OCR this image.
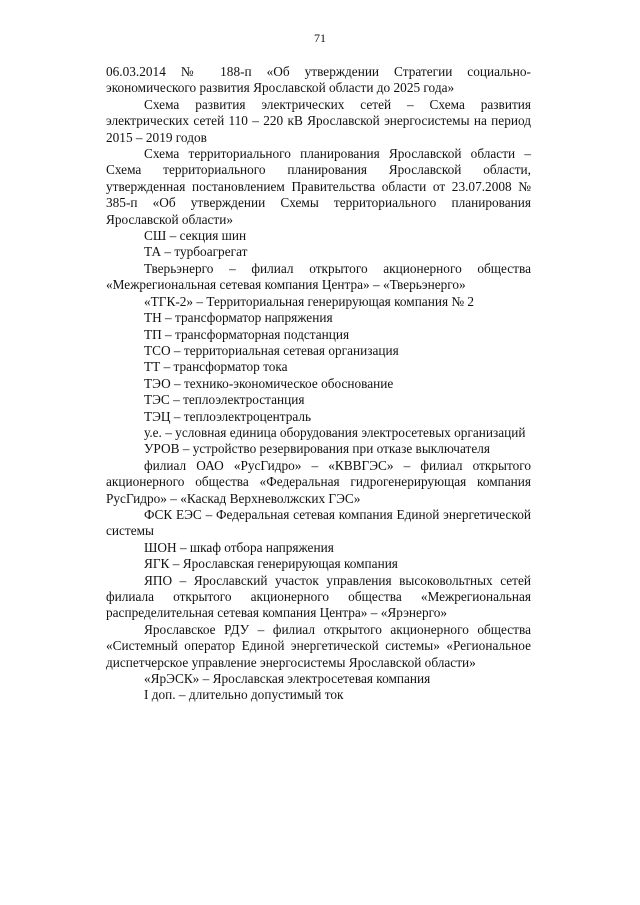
71

06.03.2014 № 188-п «Об утверждении Стратегии социально-экономического развития Ярославской области до 2025 года»

Схема развития электрических сетей – Схема развития электрических сетей 110 – 220 кВ Ярославской энергосистемы на период 2015 – 2019 годов

Схема территориального планирования Ярославской области – Схема территориального планирования Ярославской области, утвержденная постановлением Правительства области от 23.07.2008 № 385-п «Об утверждении Схемы территориального планирования Ярославской области»

СШ – секция шин

ТА – турбоагрегат

Тверьэнерго – филиал открытого акционерного общества «Межрегиональная сетевая компания Центра» – «Тверьэнерго»

«ТГК-2» – Территориальная генерирующая компания № 2

ТН – трансформатор напряжения

ТП – трансформаторная подстанция

ТСО – территориальная сетевая организация

ТТ – трансформатор тока

ТЭО – технико-экономическое обоснование

ТЭС – теплоэлектростанция

ТЭЦ – теплоэлектроцентраль

у.е. – условная единица оборудования электросетевых организаций

УРОВ – устройство резервирования при отказе выключателя

филиал ОАО «РусГидро» – «КВВГЭС» – филиал открытого акционерного общества «Федеральная гидрогенерирующая компания РусГидро» – «Каскад Верхневолжских ГЭС»

ФСК ЕЭС – Федеральная сетевая компания Единой энергетической системы

ШОН – шкаф отбора напряжения

ЯГК – Ярославская генерирующая компания

ЯПО – Ярославский участок управления высоковольтных сетей филиала открытого акционерного общества «Межрегиональная распределительная сетевая компания Центра» – «Ярэнерго»

Ярославское РДУ – филиал открытого акционерного общества «Системный оператор Единой энергетической системы» «Региональное диспетчерское управление энергосистемы Ярославской области»

«ЯрЭСК» – Ярославская электросетевая компания

I доп. – длительно допустимый ток
